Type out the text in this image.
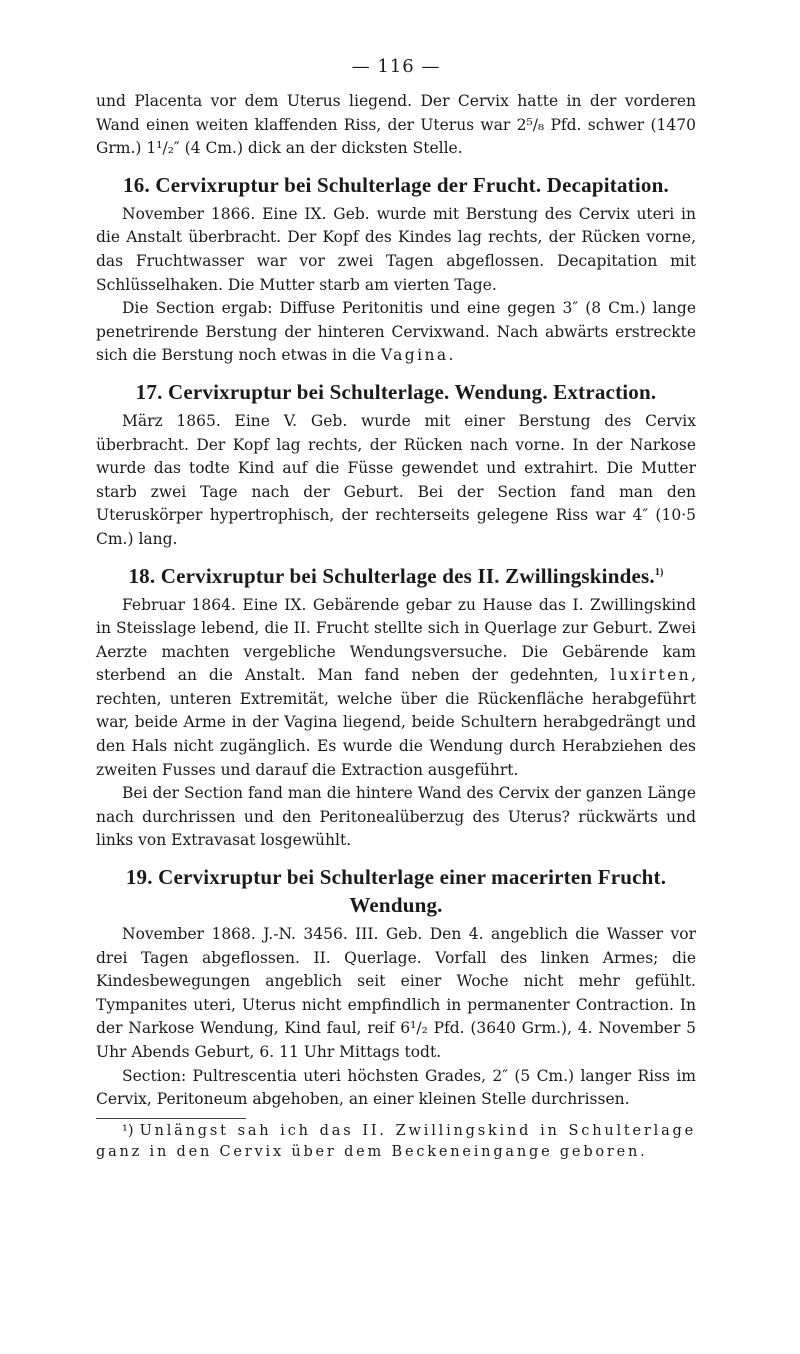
— 116 —

und Placenta vor dem Uterus liegend. Der Cervix hatte in der vorderen Wand einen weiten klaffenden Riss, der Uterus war 2⁵/₈ Pfd. schwer (1470 Grm.) 1¹/₂″ (4 Cm.) dick an der dicksten Stelle.

16. Cervixruptur bei Schulterlage der Frucht. Decapitation.

November 1866. Eine IX. Geb. wurde mit Berstung des Cervix uteri in die Anstalt überbracht. Der Kopf des Kindes lag rechts, der Rücken vorne, das Fruchtwasser war vor zwei Tagen abgeflossen. Decapitation mit Schlüsselhaken. Die Mutter starb am vierten Tage.

Die Section ergab: Diffuse Peritonitis und eine gegen 3″ (8 Cm.) lange penetrirende Berstung der hinteren Cervixwand. Nach abwärts erstreckte sich die Berstung noch etwas in die Vagina.

17. Cervixruptur bei Schulterlage. Wendung. Extraction.

März 1865. Eine V. Geb. wurde mit einer Berstung des Cervix überbracht. Der Kopf lag rechts, der Rücken nach vorne. In der Narkose wurde das todte Kind auf die Füsse gewendet und extrahirt. Die Mutter starb zwei Tage nach der Geburt. Bei der Section fand man den Uteruskörper hypertrophisch, der rechterseits gelegene Riss war 4″ (10·5 Cm.) lang.

18. Cervixruptur bei Schulterlage des II. Zwillingskindes.$^{1)}$

Februar 1864. Eine IX. Gebärende gebar zu Hause das I. Zwillingskind in Steisslage lebend, die II. Frucht stellte sich in Querlage zur Geburt. Zwei Aerzte machten vergebliche Wendungsversuche. Die Gebärende kam sterbend an die Anstalt. Man fand neben der gedehnten, luxirten, rechten, unteren Extremität, welche über die Rückenfläche herabgeführt war, beide Arme in der Vagina liegend, beide Schultern herabgedrängt und den Hals nicht zugänglich. Es wurde die Wendung durch Herabziehen des zweiten Fusses und darauf die Extraction ausgeführt.

Bei der Section fand man die hintere Wand des Cervix der ganzen Länge nach durchrissen und den Peritonealüberzug des Uterus? rückwärts und links von Extravasat losgewühlt.

19. Cervixruptur bei Schulterlage einer macerirten Frucht.
Wendung.

November 1868. J.-N. 3456. III. Geb. Den 4. angeblich die Wasser vor drei Tagen abgeflossen. II. Querlage. Vorfall des linken Armes; die Kindesbewegungen angeblich seit einer Woche nicht mehr gefühlt. Tympanites uteri, Uterus nicht empfindlich in permanenter Contraction. In der Narkose Wendung, Kind faul, reif 6¹/₂ Pfd. (3640 Grm.), 4. November 5 Uhr Abends Geburt, 6. 11 Uhr Mittags todt.

Section: Pultrescentia uteri höchsten Grades, 2″ (5 Cm.) langer Riss im Cervix, Peritoneum abgehoben, an einer kleinen Stelle durchrissen.

¹) Unlängst sah ich das II. Zwillingskind in Schulterlage ganz in den Cervix über dem Beckeneingange geboren.
